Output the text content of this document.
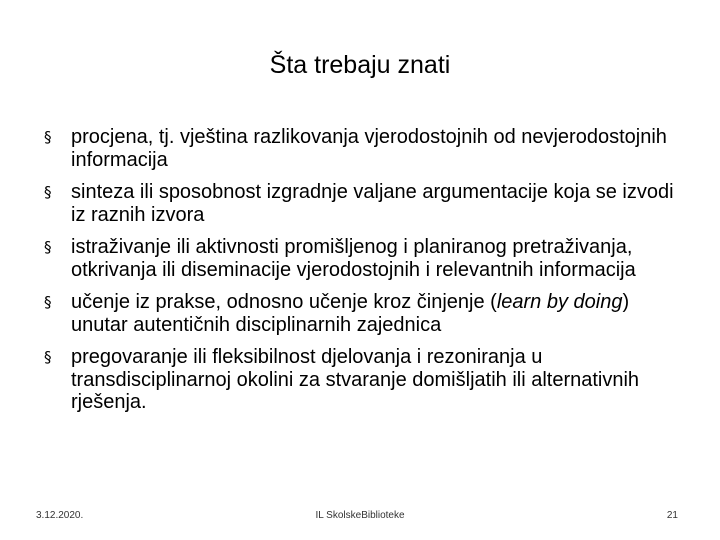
Šta trebaju znati
§ procjena, tj. vještina razlikovanja vjerodostojnih od nevjerodostojnih informacija
§ sinteza ili sposobnost izgradnje valjane argumentacije koja se izvodi iz raznih izvora
§ istraživanje ili aktivnosti promišljenog i planiranog pretraživanja, otkrivanja ili diseminacije vjerodostojnih i relevantnih informacija
§ učenje iz prakse, odnosno učenje kroz činjenje (learn by doing) unutar autentičnih disciplinarnih zajednica
§ pregovaranje ili fleksibilnost djelovanja i rezoniranja u transdisciplinarnoj okolini za stvaranje domišljatih ili alternativnih rješenja.
3.12.2020.	IL SkolskeBiblioteke	21
